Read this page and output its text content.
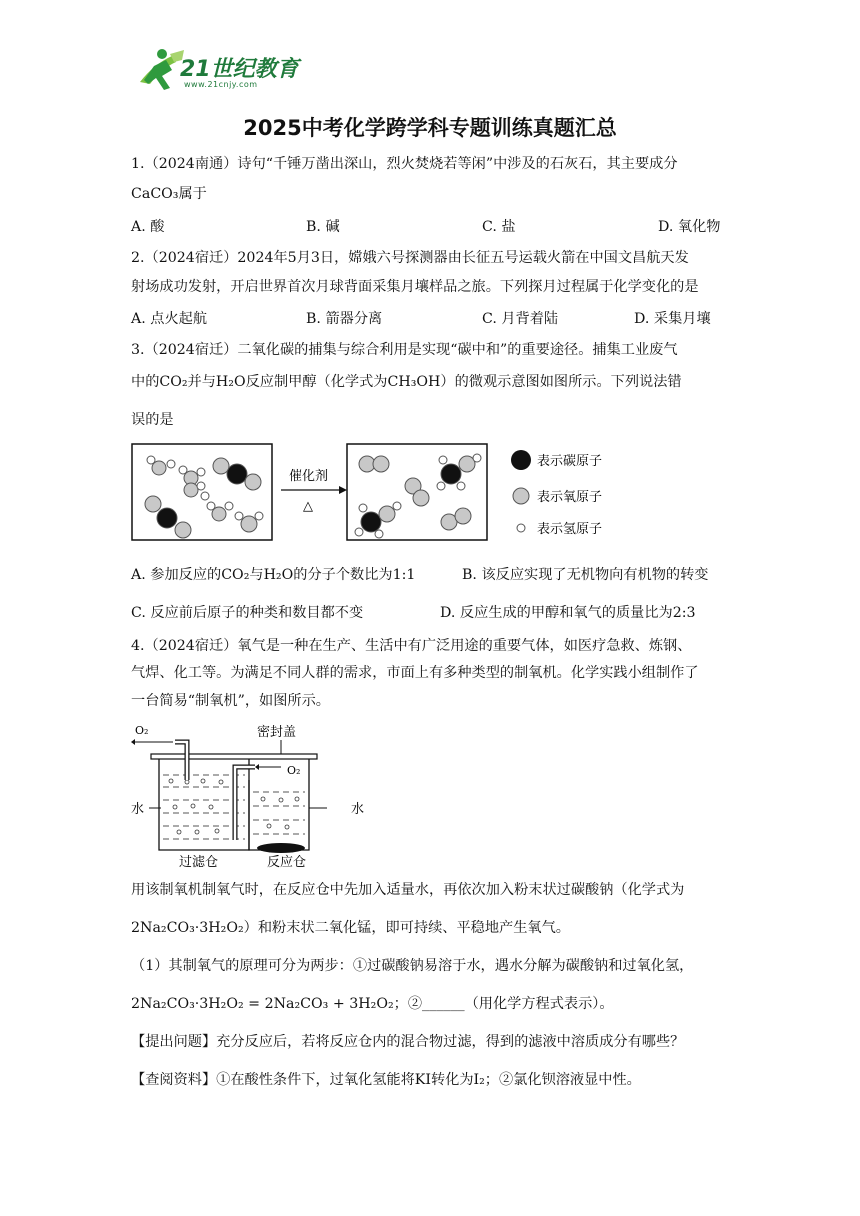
21世纪教育
www.21cnjy.com
2025中考化学跨学科专题训练真题汇总
1.（2024南通）诗句“千锤万凿出深山，烈火焚烧若等闲”中涉及的石灰石，其主要成分
CaCO₃属于
A. 酸	B. 碱	C. 盐	D. 氧化物
2.（2024宿迁）2024年5月3日，嫦娥六号探测器由长征五号运载火箭在中国文昌航天发
射场成功发射，开启世界首次月球背面采集月壤样品之旅。下列探月过程属于化学变化的是
A. 点火起航	B. 箭器分离	C. 月背着陆	D. 采集月壤
3.（2024宿迁）二氧化碳的捕集与综合利用是实现“碳中和”的重要途径。捕集工业废气
中的CO₂并与H₂O反应制甲醇（化学式为CH₃OH）的微观示意图如图所示。下列说法错
误的是
催化剂
△
表示碳原子
表示氧原子
表示氢原子
A. 参加反应的CO₂与H₂O的分子个数比为1:1	B. 该反应实现了无机物向有机物的转变
C. 反应前后原子的种类和数目都不变	D. 反应生成的甲醇和氧气的质量比为2:3
4.（2024宿迁）氧气是一种在生产、生活中有广泛用途的重要气体，如医疗急救、炼钢、
气焊、化工等。为满足不同人群的需求，市面上有多种类型的制氧机。化学实践小组制作了
一台简易“制氧机”，如图所示。
O₂
O₂
密封盖
水	水
过滤仓	反应仓
用该制氧机制氧气时，在反应仓中先加入适量水，再依次加入粉末状过碳酸钠（化学式为
2Na₂CO₃·3H₂O₂）和粉末状二氧化锰，即可持续、平稳地产生氧气。
（1）其制氧气的原理可分为两步：①过碳酸钠易溶于水，遇水分解为碳酸钠和过氧化氢，
2Na₂CO₃·3H₂O₂ = 2Na₂CO₃ + 3H₂O₂；②______（用化学方程式表示）。
【提出问题】充分反应后，若将反应仓内的混合物过滤，得到的滤液中溶质成分有哪些？
【查阅资料】①在酸性条件下，过氧化氢能将KI转化为I₂；②氯化钡溶液显中性。
